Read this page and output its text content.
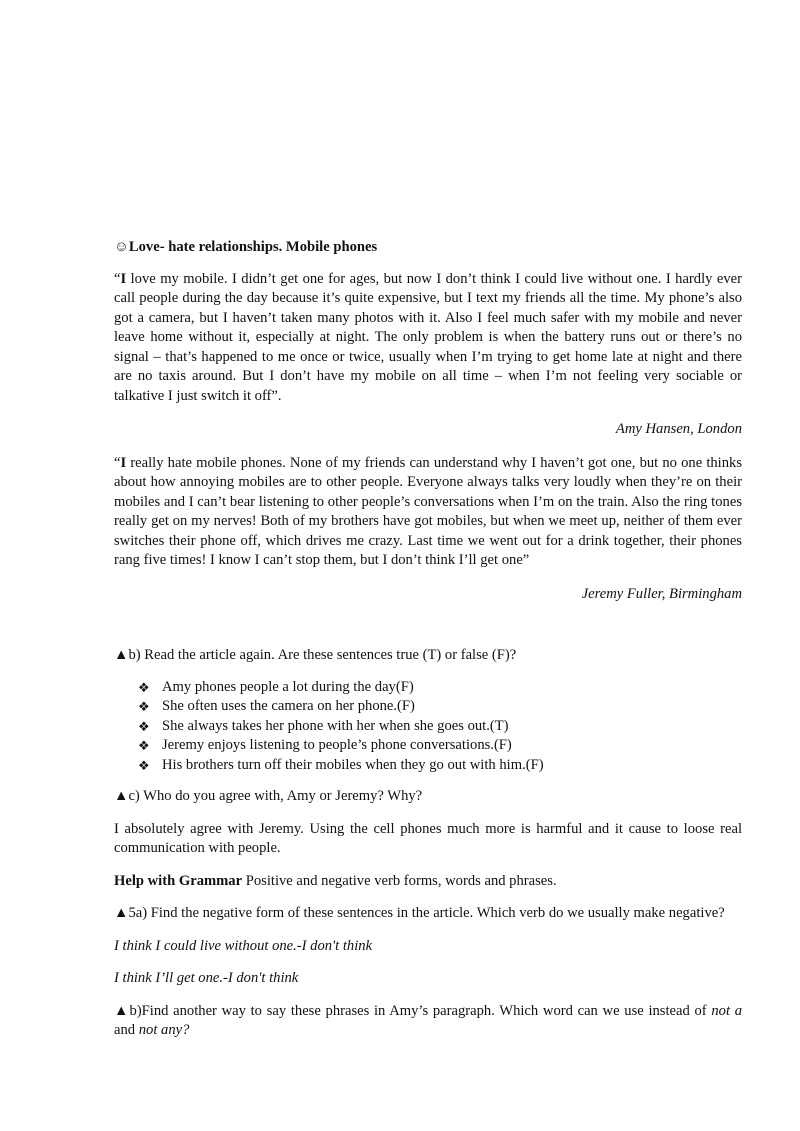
☺Love- hate relationships. Mobile phones

“I love my mobile. I didn’t get one for ages, but now I don’t think I could live without one. I hardly ever call people during the day because it’s quite expensive, but I text my friends all the time. My phone’s also got a camera, but I haven’t taken many photos with it. Also I feel much safer with my mobile and never leave home without it, especially at night. The only problem is when the battery runs out or there’s no signal – that’s happened to me once or twice, usually when I’m trying to get home late at night and there are no taxis around. But I don’t have my mobile on all time – when I’m not feeling very sociable or talkative I just switch it off”.

Amy Hansen, London

“I really hate mobile phones. None of my friends can understand why I haven’t got one, but no one thinks about how annoying mobiles are to other people. Everyone always talks very loudly when they’re on their mobiles and I can’t bear listening to other people’s conversations when I’m on the train. Also the ring tones really get on my nerves! Both of my brothers have got mobiles, but when we meet up, neither of them ever switches their phone off, which drives me crazy. Last time we went out for a drink together, their phones rang five times! I know I can’t stop them, but I don’t think I’ll get one”

Jeremy Fuller, Birmingham

▲b) Read the article again. Are these sentences true (T) or false (F)?

❖ Amy phones people a lot during the day(F)
❖ She often uses the camera on her phone.(F)
❖ She always takes her phone with her when she goes out.(T)
❖ Jeremy enjoys listening to people’s phone conversations.(F)
❖ His brothers turn off their mobiles when they go out with him.(F)

▲c) Who do you agree with, Amy or Jeremy? Why?

I absolutely agree with Jeremy. Using the cell phones much more is harmful and it cause to loose real communication with people.

Help with Grammar Positive and negative verb forms, words and phrases.

▲5a) Find the negative form of these sentences in the article. Which verb do we usually make negative?

I think I could live without one.-I don't think

I think I’ll get one.-I don't think

▲b)Find another way to say these phrases in Amy’s paragraph. Which word can we use instead of not a and not any?
